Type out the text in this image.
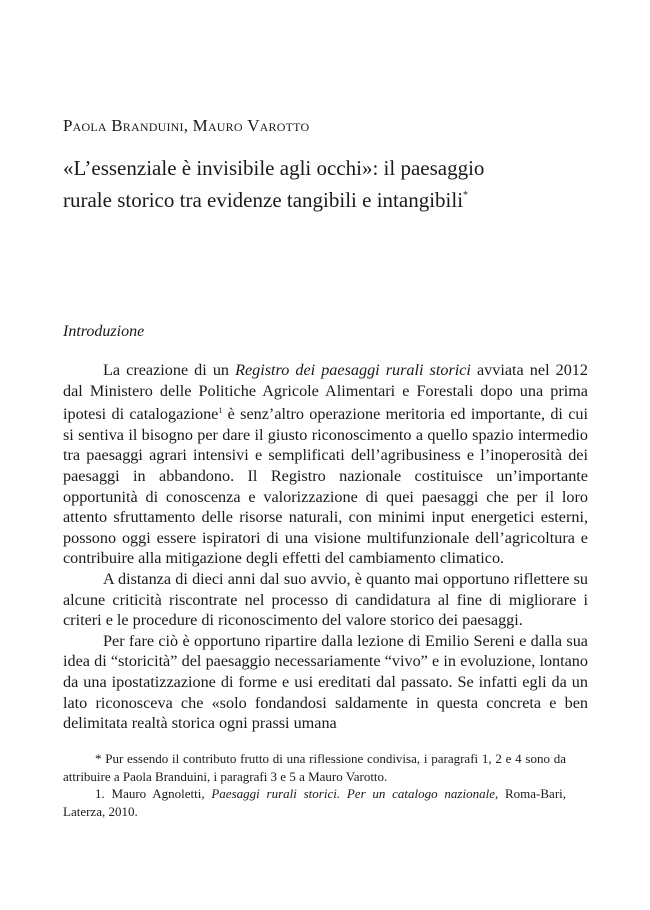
Paola Branduini, Mauro Varotto
«L’essenziale è invisibile agli occhi»: il paesaggio
rurale storico tra evidenze tangibili e intangibili*
Introduzione

La creazione di un Registro dei paesaggi rurali storici avviata nel 2012 dal Ministero delle Politiche Agricole Alimentari e Forestali dopo una prima ipotesi di catalogazione$^1$ è senz’altro operazione meritoria ed importante, di cui si sentiva il bisogno per dare il giusto riconoscimento a quello spazio intermedio tra paesaggi agrari intensivi e semplificati dell’agribusiness e l’inoperosità dei paesaggi in abbandono. Il Registro nazionale costituisce un’importante opportunità di conoscenza e valorizzazione di quei paesaggi che per il loro attento sfruttamento delle risorse naturali, con minimi input energetici esterni, possono oggi essere ispiratori di una visione multifunzionale dell’agricoltura e contribuire alla mitigazione degli effetti del cambiamento climatico.

A distanza di dieci anni dal suo avvio, è quanto mai opportuno riflettere su alcune criticità riscontrate nel processo di candidatura al fine di migliorare i criteri e le procedure di riconoscimento del valore storico dei paesaggi.

Per fare ciò è opportuno ripartire dalla lezione di Emilio Sereni e dalla sua idea di “storicità” del paesaggio necessariamente “vivo” e in evoluzione, lontano da una ipostatizzazione di forme e usi ereditati dal passato. Se infatti egli da un lato riconosceva che «solo fondandosi saldamente in questa concreta e ben delimitata realtà storica ogni prassi umana

* Pur essendo il contributo frutto di una riflessione condivisa, i paragrafi 1, 2 e 4 sono da attribuire a Paola Branduini, i paragrafi 3 e 5 a Mauro Varotto.

1. Mauro Agnoletti, Paesaggi rurali storici. Per un catalogo nazionale, Roma-Bari, Laterza, 2010.
